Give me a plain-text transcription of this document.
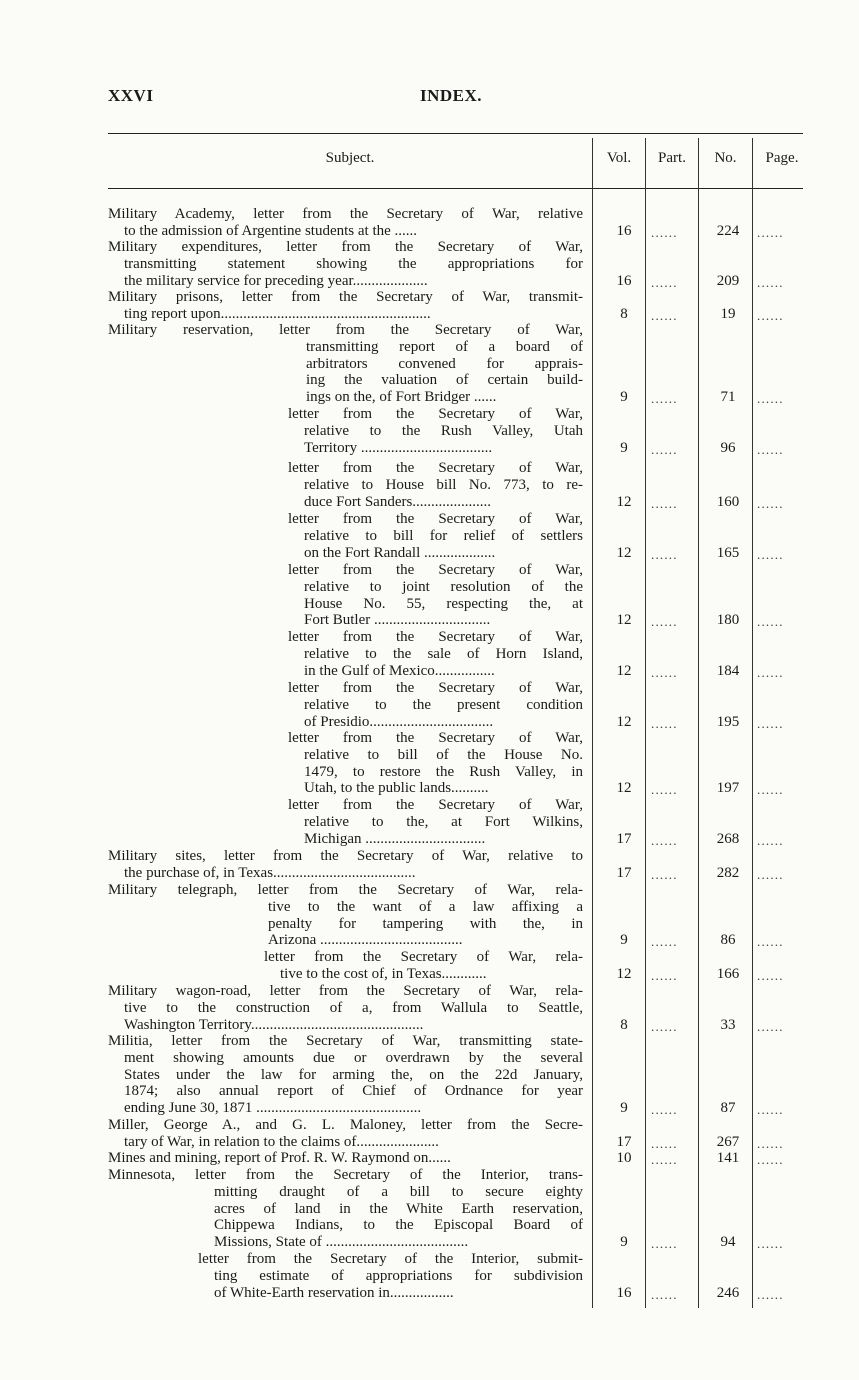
XXVI	INDEX.
Subject.	Vol.	Part.	No.	Page.
Military Academy, letter from the Secretary of War, relative
to the admission of Argentine students at the ......	16	......	224	......
Military expenditures, letter from the Secretary of War,
transmitting statement showing the appropriations for
the military service for preceding year....................	16	......	209	......
Military prisons, letter from the Secretary of War, transmit-
ting report upon........................................................	8	......	19	......
Military reservation, letter from the Secretary of War,
transmitting report of a board of
arbitrators convened for apprais-
ing the valuation of certain build-
ings on the, of Fort Bridger ......	9	......	71	......
letter from the Secretary of War,
relative to the Rush Valley, Utah
Territory ...................................	9	......	96	......
letter from the Secretary of War,
relative to House bill No. 773, to re-
duce Fort Sanders.....................	12	......	160	......
letter from the Secretary of War,
relative to bill for relief of settlers
on the Fort Randall ...................	12	......	165	......
letter from the Secretary of War,
relative to joint resolution of the
House No. 55, respecting the, at
Fort Butler ...............................	12	......	180	......
letter from the Secretary of War,
relative to the sale of Horn Island,
in the Gulf of Mexico................	12	......	184	......
letter from the Secretary of War,
relative to the present condition
of Presidio.................................	12	......	195	......
letter from the Secretary of War,
relative to bill of the House No.
1479, to restore the Rush Valley, in
Utah, to the public lands..........	12	......	197	......
letter from the Secretary of War,
relative to the, at Fort Wilkins,
Michigan ................................	17	......	268	......
Military sites, letter from the Secretary of War, relative to
the purchase of, in Texas......................................	17	......	282	......
Military telegraph, letter from the Secretary of War, rela-
tive to the want of a law affixing a
penalty for tampering with the, in
Arizona ......................................	9	......	86	......
letter from the Secretary of War, rela-
tive to the cost of, in Texas............	12	......	166	......
Military wagon-road, letter from the Secretary of War, rela-
tive to the construction of a, from Wallula to Seattle,
Washington Territory..............................................	8	......	33	......
Militia, letter from the Secretary of War, transmitting state-
ment showing amounts due or overdrawn by the several
States under the law for arming the, on the 22d January,
1874; also annual report of Chief of Ordnance for year
ending June 30, 1871 ............................................	9	......	87	......
Miller, George A., and G. L. Maloney, letter from the Secre-
tary of War, in relation to the claims of......................	17	......	267	......
Mines and mining, report of Prof. R. W. Raymond on......	10	......	141	......
Minnesota, letter from the Secretary of the Interior, trans-
mitting draught of a bill to secure eighty
acres of land in the White Earth reservation,
Chippewa Indians, to the Episcopal Board of
Missions, State of ......................................	9	......	94	......
letter from the Secretary of the Interior, submit-
ting estimate of appropriations for subdivision
of White-Earth reservation in.................	16	......	246	......
